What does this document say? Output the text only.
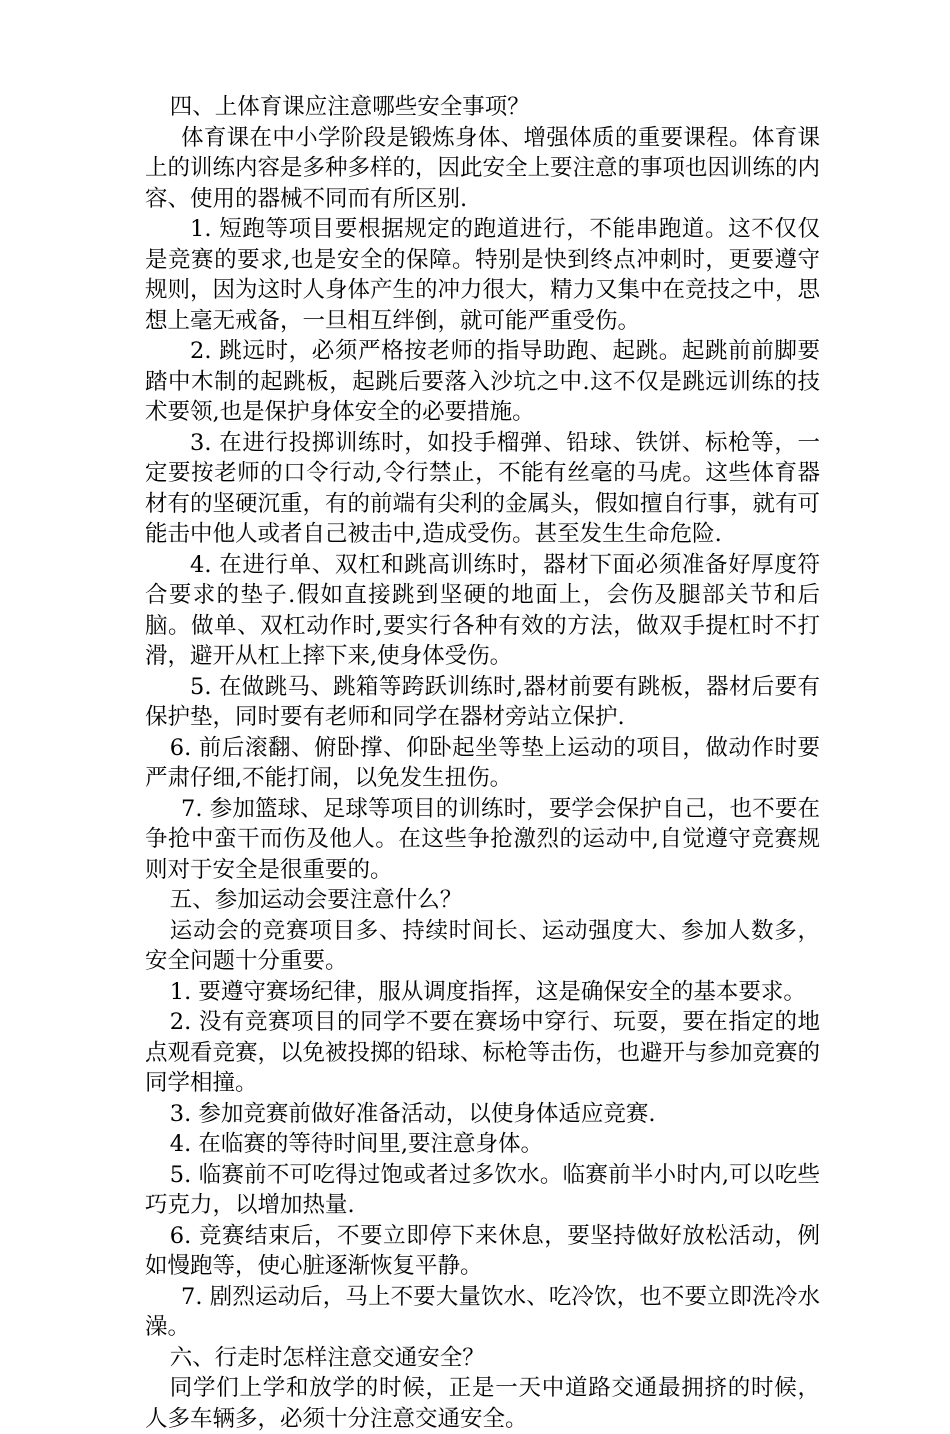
四、上体育课应注意哪些安全事项？

体育课在中小学阶段是锻炼身体、增强体质的重要课程。体育课上的训练内容是多种多样的，因此安全上要注意的事项也因训练的内容、使用的器械不同而有所区别.

1. 短跑等项目要根据规定的跑道进行，不能串跑道。这不仅仅是竞赛的要求,也是安全的保障。特别是快到终点冲刺时，更要遵守规则，因为这时人身体产生的冲力很大，精力又集中在竞技之中，思想上毫无戒备，一旦相互绊倒，就可能严重受伤。

2. 跳远时，必须严格按老师的指导助跑、起跳。起跳前前脚要踏中木制的起跳板，起跳后要落入沙坑之中.这不仅是跳远训练的技术要领,也是保护身体安全的必要措施。

3. 在进行投掷训练时，如投手榴弹、铅球、铁饼、标枪等，一定要按老师的口令行动,令行禁止，不能有丝毫的马虎。这些体育器材有的坚硬沉重，有的前端有尖利的金属头，假如擅自行事，就有可能击中他人或者自己被击中,造成受伤。甚至发生生命危险.

4. 在进行单、双杠和跳高训练时，器材下面必须准备好厚度符合要求的垫子.假如直接跳到坚硬的地面上，会伤及腿部关节和后脑。做单、双杠动作时,要实行各种有效的方法，做双手提杠时不打滑，避开从杠上摔下来,使身体受伤。

5. 在做跳马、跳箱等跨跃训练时,器材前要有跳板，器材后要有保护垫，同时要有老师和同学在器材旁站立保护.

6. 前后滚翻、俯卧撑、仰卧起坐等垫上运动的项目，做动作时要严肃仔细,不能打闹，以免发生扭伤。

7. 参加篮球、足球等项目的训练时，要学会保护自己，也不要在争抢中蛮干而伤及他人。在这些争抢激烈的运动中,自觉遵守竞赛规则对于安全是很重要的。

五、参加运动会要注意什么？

运动会的竞赛项目多、持续时间长、运动强度大、参加人数多，安全问题十分重要。

1. 要遵守赛场纪律，服从调度指挥，这是确保安全的基本要求。

2. 没有竞赛项目的同学不要在赛场中穿行、玩耍，要在指定的地点观看竞赛，以免被投掷的铅球、标枪等击伤，也避开与参加竞赛的同学相撞。

3. 参加竞赛前做好准备活动，以使身体适应竞赛.

4. 在临赛的等待时间里,要注意身体。

5. 临赛前不可吃得过饱或者过多饮水。临赛前半小时内,可以吃些巧克力，以增加热量.

6. 竞赛结束后，不要立即停下来休息，要坚持做好放松活动，例如慢跑等，使心脏逐渐恢复平静。

7. 剧烈运动后，马上不要大量饮水、吃冷饮，也不要立即洗冷水澡。

六、行走时怎样注意交通安全？

同学们上学和放学的时候，正是一天中道路交通最拥挤的时候，人多车辆多，必须十分注意交通安全。
